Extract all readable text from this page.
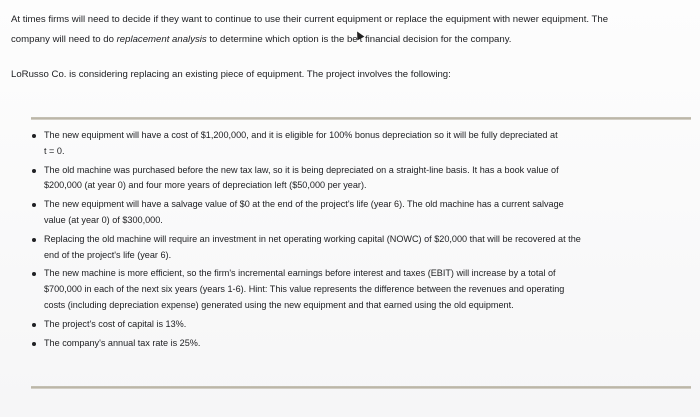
At times firms will need to decide if they want to continue to use their current equipment or replace the equipment with newer equipment. The
company will need to do replacement analysis to determine which option is the be t financial decision for the company.
LoRusso Co. is considering replacing an existing piece of equipment. The project involves the following:
The new equipment will have a cost of $1,200,000, and it is eligible for 100% bonus depreciation so it will be fully depreciated at
t = 0.
The old machine was purchased before the new tax law, so it is being depreciated on a straight-line basis. It has a book value of
$200,000 (at year 0) and four more years of depreciation left ($50,000 per year).
The new equipment will have a salvage value of $0 at the end of the project's life (year 6). The old machine has a current salvage
value (at year 0) of $300,000.
Replacing the old machine will require an investment in net operating working capital (NOWC) of $20,000 that will be recovered at the
end of the project's life (year 6).
The new machine is more efficient, so the firm's incremental earnings before interest and taxes (EBIT) will increase by a total of
$700,000 in each of the next six years (years 1-6). Hint: This value represents the difference between the revenues and operating
costs (including depreciation expense) generated using the new equipment and that earned using the old equipment.
The project's cost of capital is 13%.
The company's annual tax rate is 25%.
